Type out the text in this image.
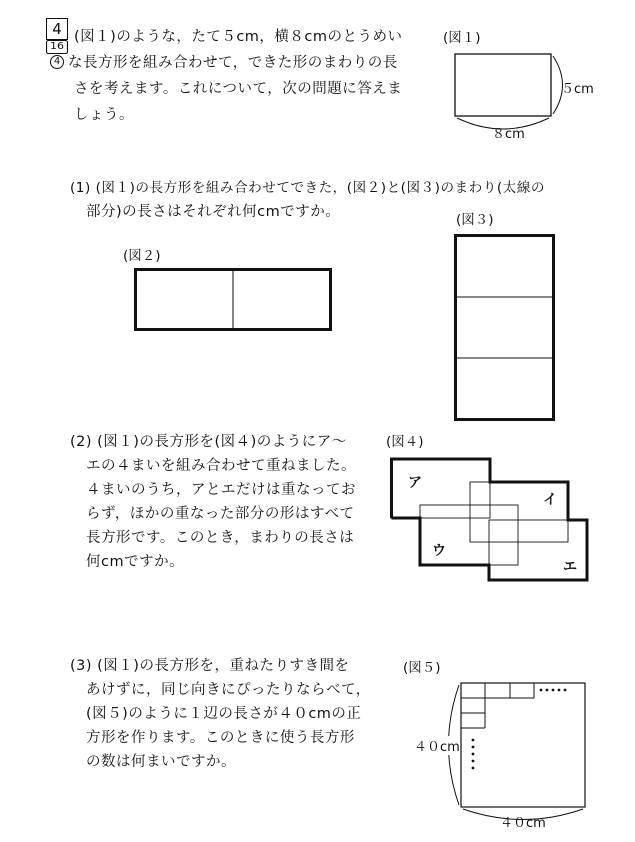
4
16
4
(図１)のような，たて５cm，横８cmのとうめい
な長方形を組み合わせて，できた形のまわりの長
さを考えます。これについて，次の問題に答えま
しょう。
(図１)
５cm
８cm
(1) (図１)の長方形を組み合わせてできた，(図２)と(図３)のまわり(太線の
部分)の長さはそれぞれ何cmですか。	(図３)
(図２)
(2) (図１)の長方形を(図４)のようにア〜
エの４まいを組み合わせて重ねました。
４まいのうち，アとエだけは重なってお
らず，ほかの重なった部分の形はすべて
長方形です。このとき，まわりの長さは
何cmですか。
(図４)
ア
イ
ウ
エ
(3) (図１)の長方形を，重ねたりすき間を
あけずに，同じ向きにぴったりならべて，
(図５)のように１辺の長さが４０cmの正
方形を作ります。このときに使う長方形
の数は何まいですか。
(図５)
４０cm
４０cm
